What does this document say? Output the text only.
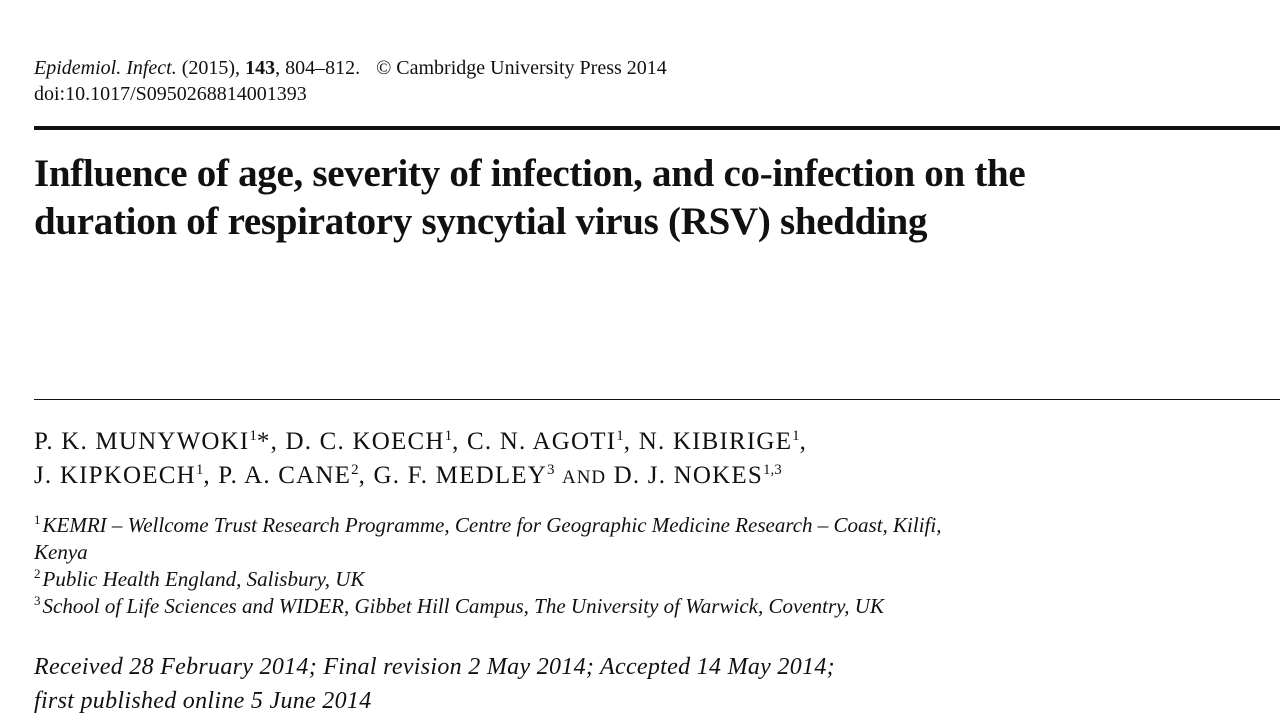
Epidemiol. Infect. (2015), 143, 804–812. © Cambridge University Press 2014
doi:10.1017/S0950268814001393
Influence of age, severity of infection, and co-infection on the
duration of respiratory syncytial virus (RSV) shedding
P. K. MUNYWOKI$^1$*, D. C. KOECH$^1$, C. N. AGOTI$^1$, N. KIBIRIGE$^1$,
J. KIPKOECH$^1$, P. A. CANE$^2$, G. F. MEDLEY$^3$ AND D. J. NOKES$^{1,3}$
$^1$KEMRI – Wellcome Trust Research Programme, Centre for Geographic Medicine Research – Coast, Kilifi,
Kenya
$^2$Public Health England, Salisbury, UK
$^3$School of Life Sciences and WIDER, Gibbet Hill Campus, The University of Warwick, Coventry, UK
Received 28 February 2014; Final revision 2 May 2014; Accepted 14 May 2014;
first published online 5 June 2014
